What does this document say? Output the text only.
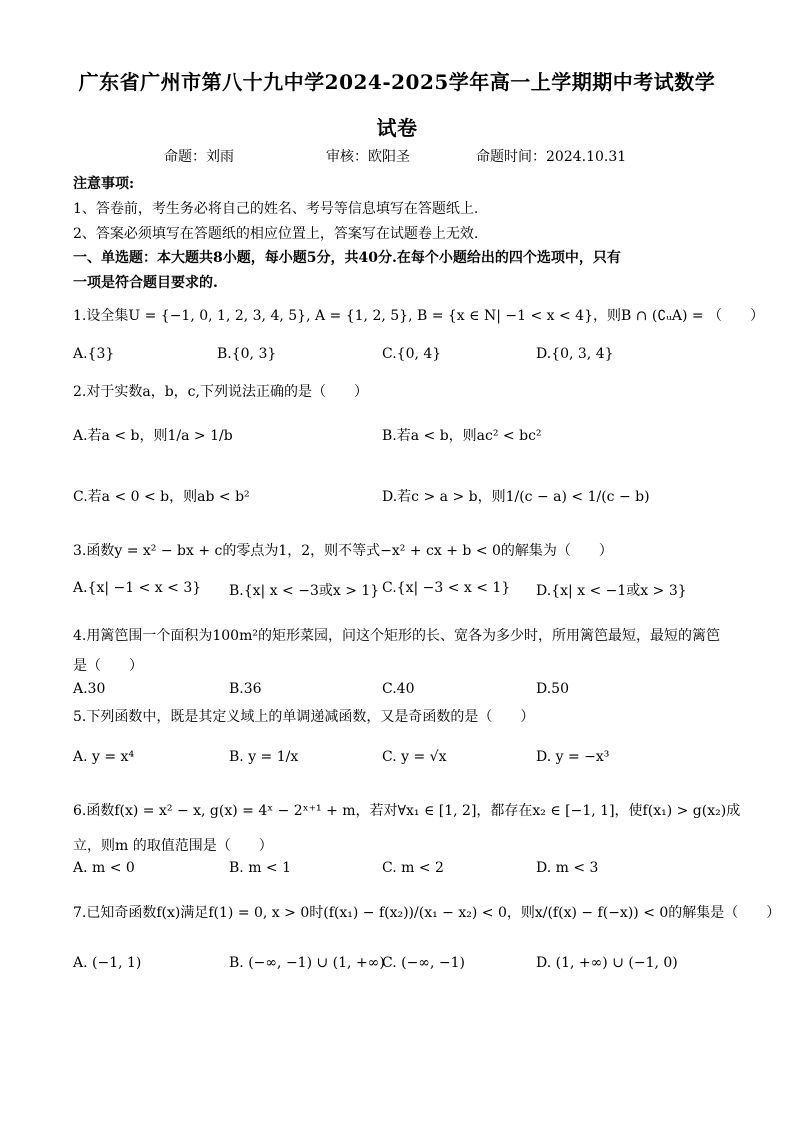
广东省广州市第八十九中学2024-2025学年高一上学期期中考试数学
试卷
命题：刘雨	审核：欧阳圣	命题时间：2024.10.31
注意事项:
1、答卷前，考生务必将自己的姓名、考号等信息填写在答题纸上.
2、答案必须填写在答题纸的相应位置上，答案写在试题卷上无效.
一、单选题：本大题共8小题，每小题5分，共40分.在每个小题给出的四个选项中，只有
一项是符合题目要求的.
1.设全集U = {−1, 0, 1, 2, 3, 4, 5}, A = {1, 2, 5}, B = {x ∈ N| −1 < x < 4}，则B ∩ (∁ᵤA) = （　　）
A.{3}	B.{0, 3}	C.{0, 4}	D.{0, 3, 4}
2.对于实数a，b，c,下列说法正确的是（　　）
A.若a < b，则1/a > 1/b	B.若a < b，则ac² < bc²
C.若a < 0 < b，则ab < b²	D.若c > a > b，则1/(c − a) < 1/(c − b)
3.函数y = x² − bx + c的零点为1，2，则不等式−x² + cx + b < 0的解集为（　　）
A.{x| −1 < x < 3} B.{x| x < −3或x > 1} C.{x| −3 < x < 1} D.{x| x < −1或x > 3}
4.用篱笆围一个面积为100m²的矩形菜园，问这个矩形的长、宽各为多少时，所用篱笆最短，最短的篱笆
是（　　）
A.30	B.36	C.40	D.50
5.下列函数中，既是其定义域上的单调递减函数，又是奇函数的是（　　）
A. y = x⁴	B. y = 1/x	C. y = √x	D. y = −x³
6.函数f(x) = x² − x, g(x) = 4ˣ − 2ˣ⁺¹ + m，若对∀x₁ ∈ [1, 2]，都存在x₂ ∈ [−1, 1]，使f(x₁) > g(x₂)成
立，则m 的取值范围是（　　）
A. m < 0	B. m < 1	C. m < 2	D. m < 3
7.已知奇函数f(x)满足f(1) = 0, x > 0时(f(x₁) − f(x₂))/(x₁ − x₂) < 0，则x/(f(x) − f(−x)) < 0的解集是（　　）
A. (−1, 1)	B. (−∞, −1) ∪ (1, +∞)
C. (−∞, −1)	D. (1, +∞) ∪ (−1, 0)
